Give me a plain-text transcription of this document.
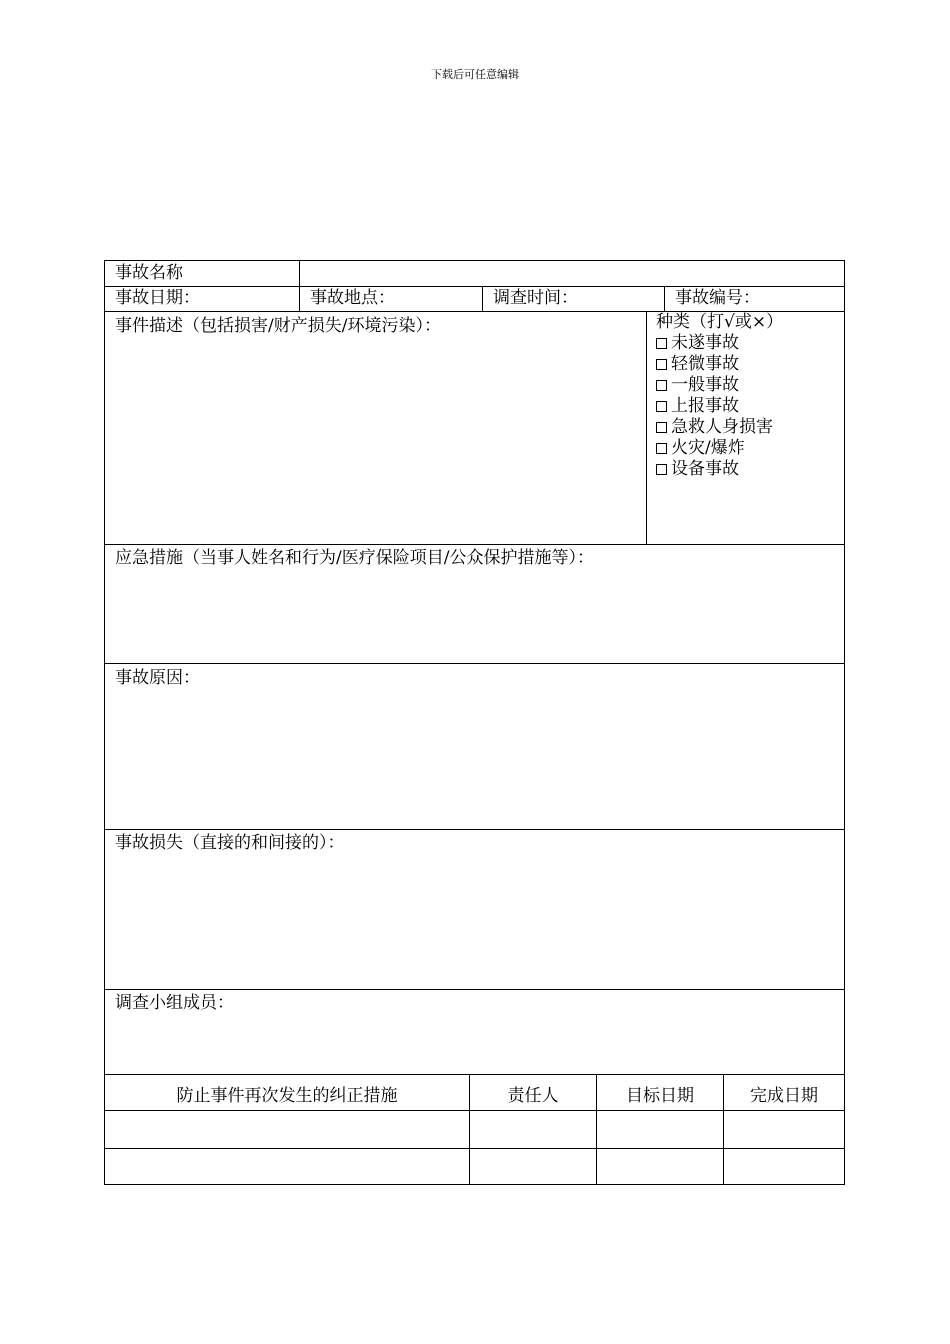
下载后可任意编辑
事故名称
事故日期：	事故地点：	调查时间：	事故编号：
事件描述（包括损害/财产损失/环境污染）：	种类（打√或×）
未遂事故
轻微事故
一般事故
上报事故
急救人身损害
火灾/爆炸
设备事故
应急措施（当事人姓名和行为/医疗保险项目/公众保护措施等）：
事故原因：
事故损失（直接的和间接的）：
调查小组成员：
防止事件再次发生的纠正措施	责任人	目标日期	完成日期
